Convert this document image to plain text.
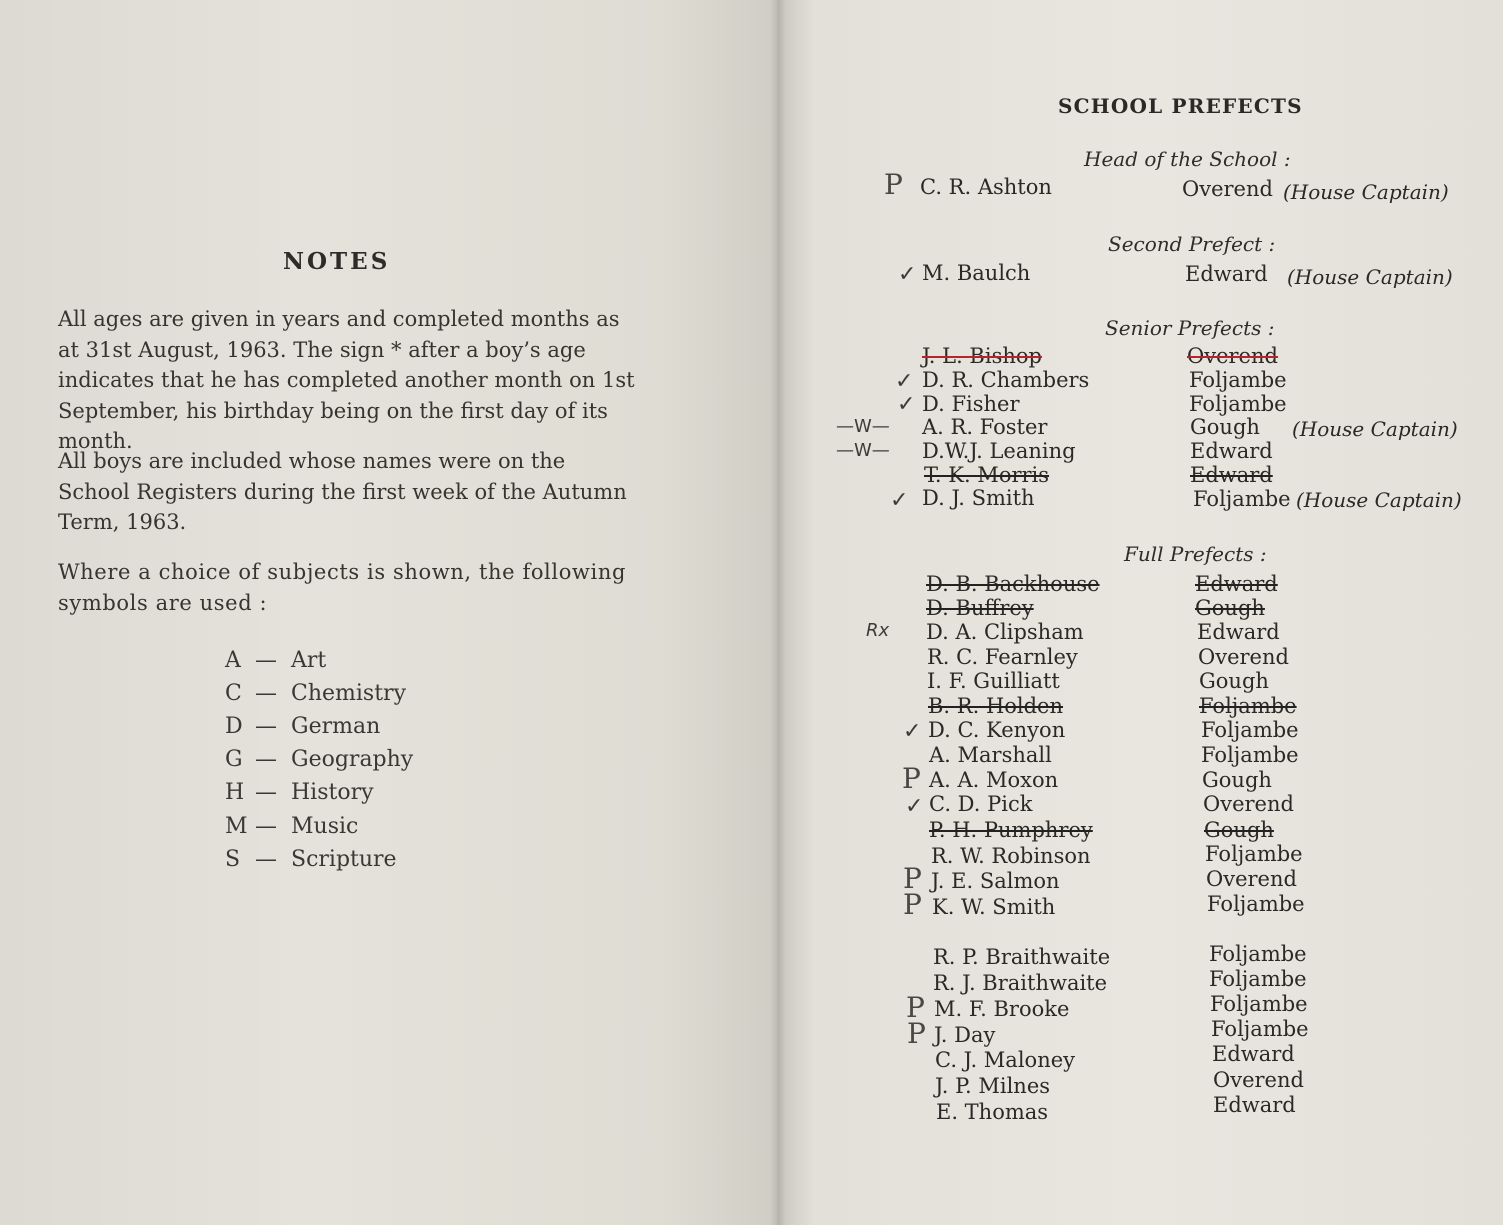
NOTES

All ages are given in years and completed months as at 31st August, 1963. The sign * after a boy’s age indicates that he has completed another month on 1st September, his birthday being on the first day of its month.

All boys are included whose names were on the School Registers during the first week of the Autumn Term, 1963.

Where a choice of subjects is shown, the following symbols are used :

A — Art
C — Chemistry
D — German
G — Geography
H — History
M — Music
S — Scripture
SCHOOL PREFECTS
Head of the School :
P C. R. Ashton	Overend (House Captain)
Second Prefect :
✓ M. Baulch	Edward (House Captain)
Senior Prefects :
J. L. Bishop	Overend
✓ D. R. Chambers	Foljambe
✓ D. Fisher	Foljambe
—W— A. R. Foster	Gough (House Captain)
—W— D.W.J. Leaning	Edward
T. K. Morris	Edward
✓ D. J. Smith	Foljambe (House Captain)
Full Prefects :
D. B. Backhouse	Edward
D. Buffrey	Gough
Rx D. A. Clipsham	Edward
R. C. Fearnley	Overend
I. F. Guilliatt	Gough
B. R. Holden	Foljambe
✓ D. C. Kenyon	Foljambe
A. Marshall	Foljambe
P A. A. Moxon	Gough
✓ C. D. Pick	Overend
P. H. Pumphrey	Gough
R. W. Robinson	Foljambe
P J. E. Salmon	Overend
P K. W. Smith	Foljambe
R. P. Braithwaite	Foljambe
R. J. Braithwaite	Foljambe
P M. F. Brooke	Foljambe
P J. Day	Foljambe
C. J. Maloney	Edward
J. P. Milnes	Overend
E. Thomas	Edward
